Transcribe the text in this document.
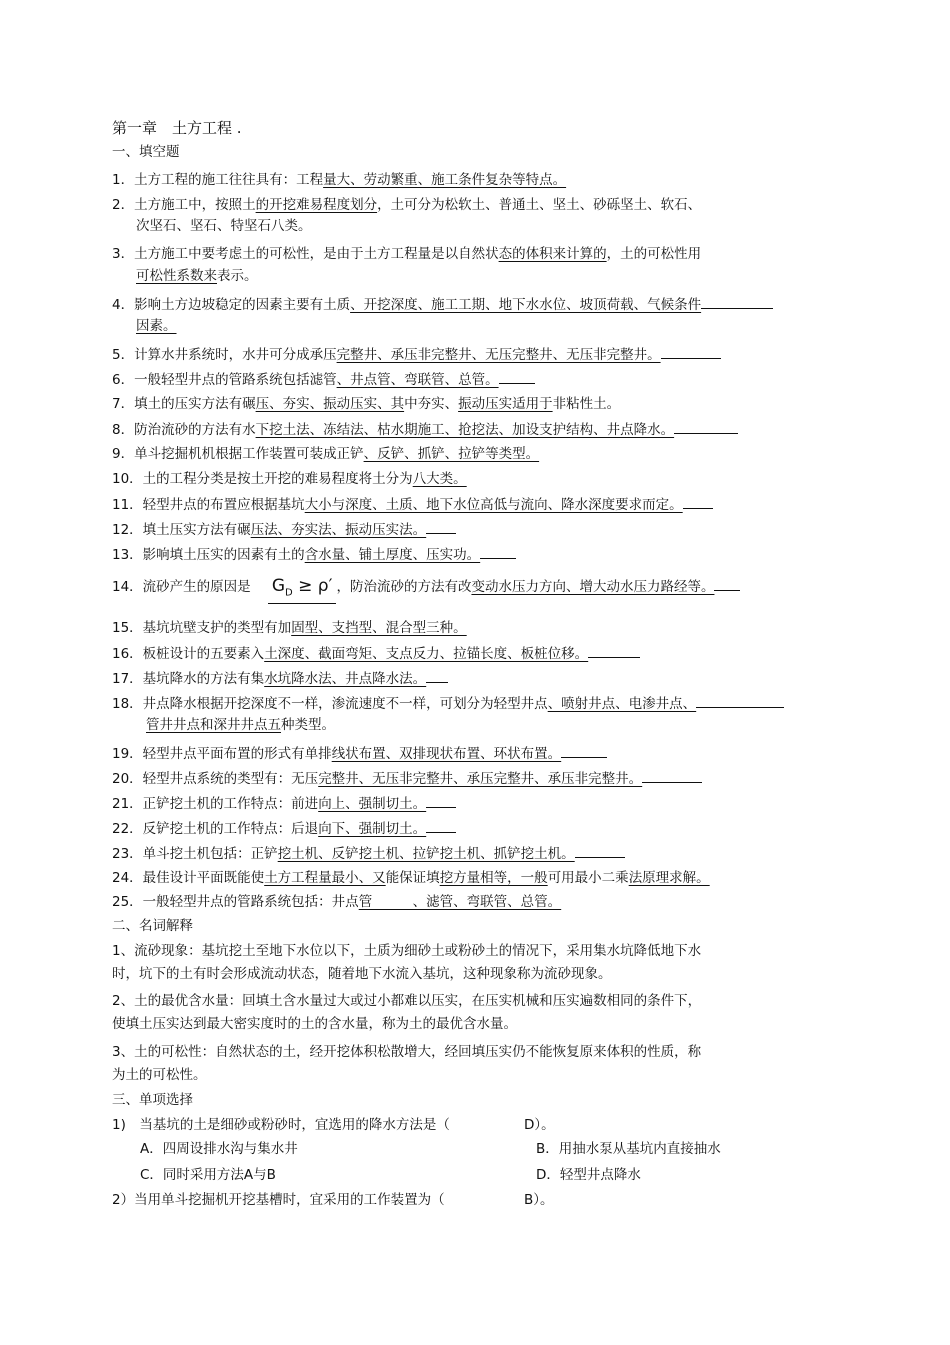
第一章　土方工程 .
一、填空题
1．土方工程的施工往往具有：工程量大、劳动繁重、施工条件复杂等特点。
2．土方施工中，按照土的开挖难易程度划分，土可分为松软土、普通土、坚土、砂砾坚土、软石、
次坚石、坚石、特坚石八类。
3．土方施工中要考虑土的可松性，是由于土方工程量是以自然状态的体积来计算的，土的可松性用
可松性系数来表示。
4．影响土方边坡稳定的因素主要有土质、开挖深度、施工工期、地下水水位、坡顶荷载、气候条件
因素。
5．计算水井系统时，水井可分成承压完整井、承压非完整井、无压完整井、无压非完整井。
6．一般轻型井点的管路系统包括滤管、井点管、弯联管、总管。
7．填土的压实方法有碾压、夯实、振动压实、其中夯实、振动压实适用于非粘性土。
8．防治流砂的方法有水下挖土法、冻结法、枯水期施工、抢挖法、加设支护结构、井点降水。
9．单斗挖掘机机根据工作装置可装成正铲、反铲、抓铲、拉铲等类型。
10．土的工程分类是按土开挖的难易程度将土分为八大类。
11．轻型井点的布置应根据基坑大小与深度、土质、地下水位高低与流向、降水深度要求而定。
12．填土压实方法有碾压法、夯实法、振动压实法。
13．影响填土压实的因素有土的含水量、铺土厚度、压实功。
14．流砂产生的原因是 $G_D \ge \rho'$ ，防治流砂的方法有改变动水压力方向、增大动水压力路经等。
15．基坑坑壁支护的类型有加固型、支挡型、混合型三种。
16．板桩设计的五要素入土深度、截面弯矩、支点反力、拉锚长度、板桩位移。
17．基坑降水的方法有集水坑降水法、井点降水法。
18．井点降水根据开挖深度不一样，渗流速度不一样，可划分为轻型井点、喷射井点、电渗井点、
管井井点和深井井点五种类型。
19．轻型井点平面布置的形式有单排线状布置、双排现状布置、环状布置。
20．轻型井点系统的类型有：无压完整井、无压非完整井、承压完整井、承压非完整井。
21．正铲挖土机的工作特点：前进向上、强制切土。
22．反铲挖土机的工作特点：后退向下、强制切土。
23．单斗挖土机包括：正铲挖土机、反铲挖土机、拉铲挖土机、抓铲挖土机。
24．最佳设计平面既能使土方工程量最小、又能保证填挖方量相等，一般可用最小二乘法原理求解。
25．一般轻型井点的管路系统包括：井点管　　　、滤管、弯联管、总管。
二、名词解释
1、流砂现象：基坑挖土至地下水位以下，土质为细砂土或粉砂土的情况下，采用集水坑降低地下水
时，坑下的土有时会形成流动状态，随着地下水流入基坑，这种现象称为流砂现象。
2、土的最优含水量：回填土含水量过大或过小都难以压实，在压实机械和压实遍数相同的条件下，
使填土压实达到最大密实度时的土的含水量，称为土的最优含水量。
3、土的可松性：自然状态的土，经开挖体积松散增大，经回填压实仍不能恢复原来体积的性质，称
为土的可松性。
三、单项选择
1)　当基坑的土是细砂或粉砂时，宜选用的降水方法是（	D）。
A．四周设排水沟与集水井	B．用抽水泵从基坑内直接抽水
C．同时采用方法A与B	D．轻型井点降水
2）当用单斗挖掘机开挖基槽时，宜采用的工作装置为（	B）。
